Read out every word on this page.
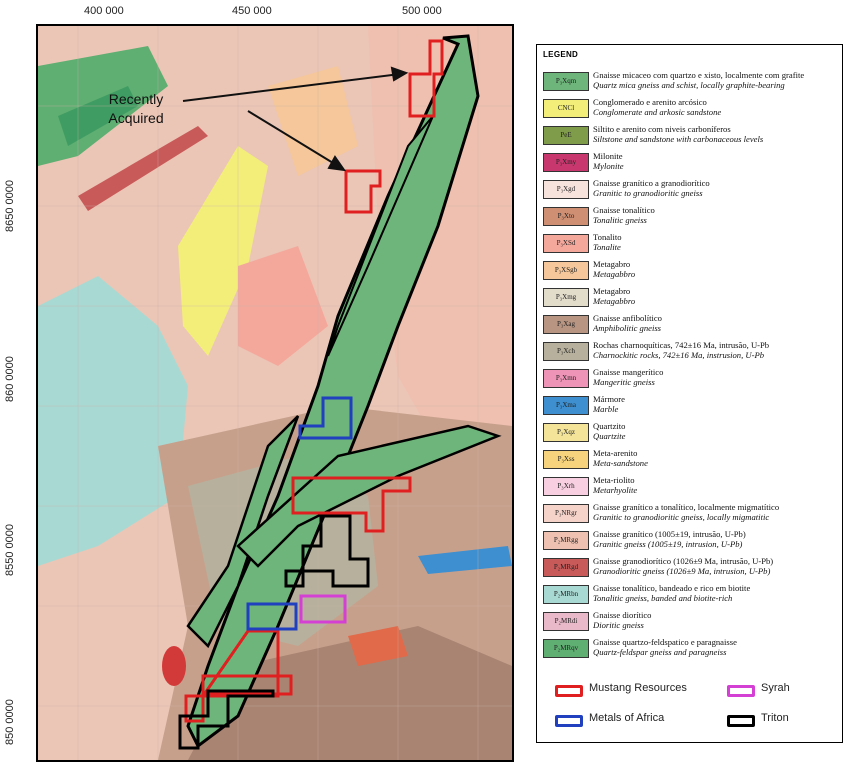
400 000	450 000	500 000
8650 0000
860 0000
8550 0000
850 0000
Recently
Acquired
LEGEND
P₃Xqm
Gnaisse micaceo com quartzo e xisto, localmente com grafite
Quartz mica gneiss and schist, locally graphite-bearing
CNCl
Conglomerado e arenito arcósico
Conglomerate and arkosic sandstone
PeE
Siltito e arenito com niveis carboníferos
Siltstone and sandstone with carbonaceous levels
P₃Xmy
Milonite
Mylonite
P₃Xgd
Gnaisse granítico a granodiorítico
Granitic to granodioritic gneiss
P₃Xto
Gnaisse tonalítico
Tonalitic gneiss
P₃XSd
Tonalito
Tonalite
P₃XSgb
Metagabro
Metagabbro
P₃Xmg
Metagabro
Metagabbro
P₃Xag
Gnaisse anfibolítico
Amphibolitic gneiss
P₃Xch
Rochas charnoquíticas, 742±16 Ma, intrusão, U-Pb
Charnockitic rocks, 742±16 Ma, instrusion, U-Pb
P₃Xmn
Gnaisse mangerítico
Mangeritic gneiss
P₃Xma
Mármore
Marble
P₃Xqz
Quartzito
Quartzite
P₃Xss
Meta-arenito
Meta-sandstone
P₃Xrh
Meta-riolito
Metarhyolite
P₃NRgr
Gnaisse granítico a tonalítico, localmente migmatítico
Granitic to granodioritic gneiss, locally migmatitic
P₂MRgg
Gnaisse granítico (1005±19, intrusão, U-Pb)
Granitic gneiss (1005±19, intrusion, U-Pb)
P₂MRgd
Gnaisse granodiorítico (1026±9 Ma, intrusão, U-Pb)
Granodioritic gneiss (1026±9 Ma, intrusion, U-Pb)
P₂MRbn
Gnaisse tonalítico, bandeado e rico em biotite
Tonalitic gneiss, banded and biotite-rich
P₂MRdi
Gnaisse diorítico
Dioritic gneiss
P₂MRqv
Gnaisse quartzo-feldspatico e paragnaisse
Quartz-feldspar gneiss and paragneiss
Mustang Resources	Syrah
Metals of Africa	Triton
